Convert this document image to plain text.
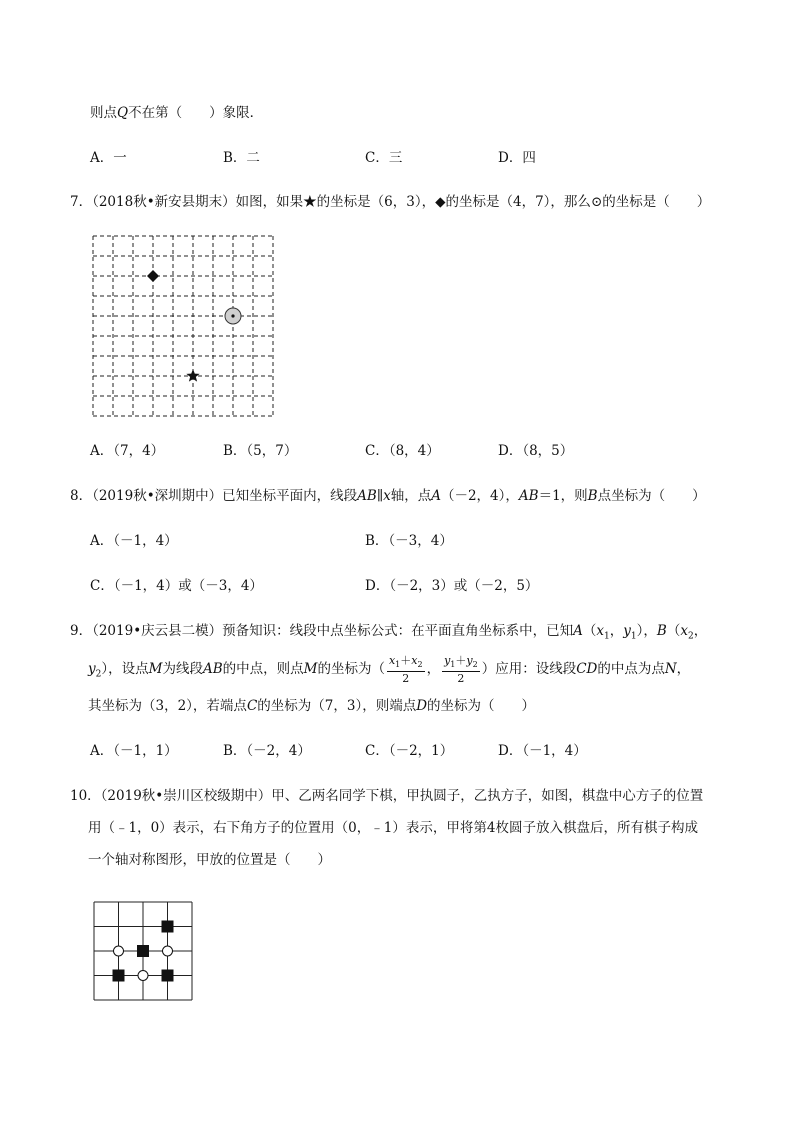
则点Q不在第（　　）象限．
A．一	B．二	C．三	D．四
7．（2018秋•新安县期末）如图，如果★的坐标是（6，3），◆的坐标是（4，7），那么⊙的坐标是（　　）
A．（7，4）	B．（5，7）	C．（8，4）	D．（8，5）
8．（2019秋•深圳期中）已知坐标平面内，线段AB∥x轴，点A（－2，4），AB＝1，则B点坐标为（　　）
A．（－1，4）	B．（－3，4）
C．（－1，4）或（－3，4）	D．（－2，3）或（－2，5）
9．（2019•庆云县二模）预备知识：线段中点坐标公式：在平面直角坐标系中，已知$A(x_1$，$y_1$），$B(x_2$，
$y_2$），设点M为线段AB的中点，则点M的坐标为（ $\frac{x_1+x_2}{2}$ ， $\frac{y_1+y_2}{2}$ ）应用：设线段CD的中点为点N，
其坐标为（3，2），若端点C的坐标为（7，3），则端点D的坐标为（　　）
A．（－1，1）	B．（－2，4）	C．（－2，1）	D．（－1，4）
10．（2019秋•崇川区校级期中）甲、乙两名同学下棋，甲执圆子，乙执方子，如图，棋盘中心方子的位置
用（﹣1，0）表示，右下角方子的位置用（0，﹣1）表示，甲将第4枚圆子放入棋盘后，所有棋子构成
一个轴对称图形，甲放的位置是（　　）
